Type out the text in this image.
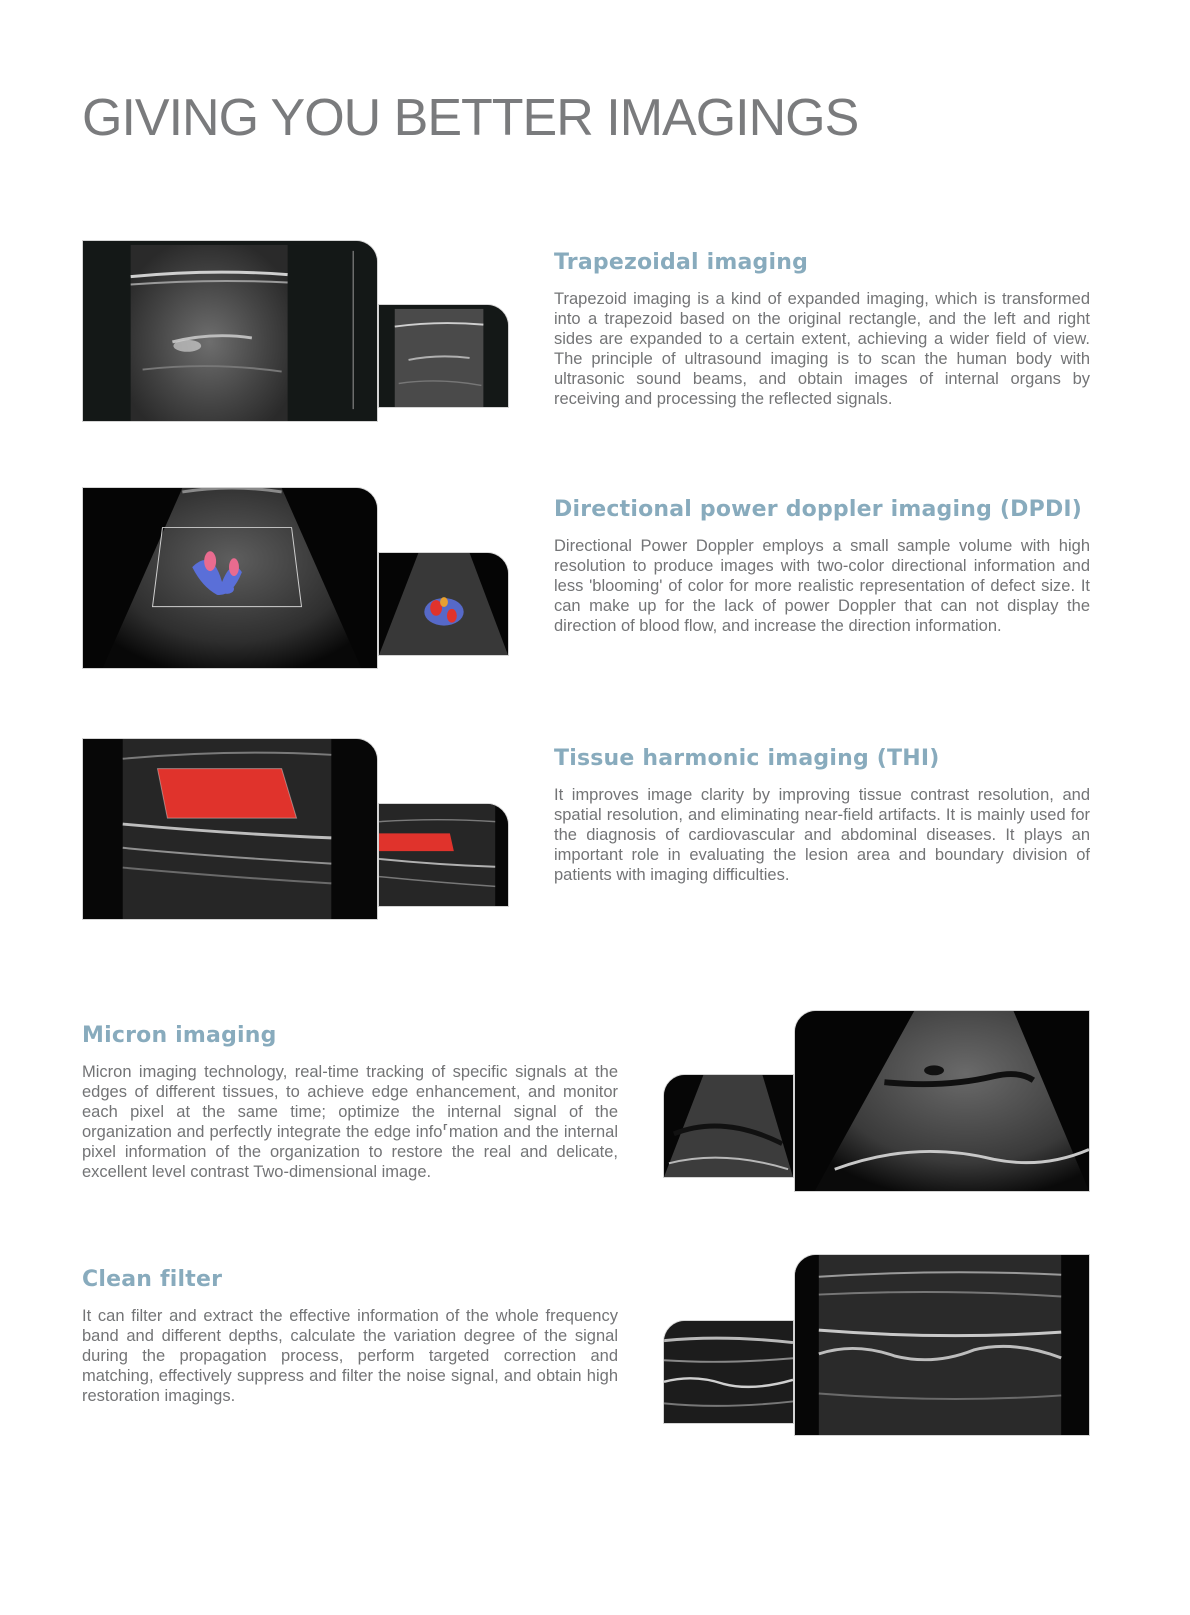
GIVING YOU BETTER IMAGINGS
Trapezoidal imaging

Trapezoid imaging is a kind of expanded imaging, which is transformed into a trapezoid based on the original rectangle, and the left and right sides are expanded to a certain extent, achieving a wider field of view. The principle of ultrasound imaging is to scan the human body with ultrasonic sound beams, and obtain images of internal organs by receiving and processing the reflected signals.

Directional power doppler imaging (DPDI)

Directional Power Doppler employs a small sample volume with high resolution to produce images with two-color directional information and less 'blooming' of color for more realistic representation of defect size. It can make up for the lack of power Doppler that can not display the direction of blood flow, and increase the direction information.

Tissue harmonic imaging (THI)

It improves image clarity by improving tissue contrast resolution, and spatial resolution, and eliminating near-field artifacts. It is mainly used for the diagnosis of cardiovascular and abdominal diseases. It plays an important role in evaluating the lesion area and boundary division of patients with imaging difficulties.

Micron imaging

Micron imaging technology, real-time tracking of specific signals at the edges of different tissues, to achieve edge enhancement, and monitor each pixel at the same time; optimize the internal signal of the organization and perfectly integrate the edge info⸢mation and the internal pixel information of the organization to restore the real and delicate, excellent level contrast Two-dimensional image.

Clean filter

It can filter and extract the effective information of the whole frequency band and different depths, calculate the variation degree of the signal during the propagation process, perform targeted correction and matching, effectively suppress and filter the noise signal, and obtain high restoration imagings.
